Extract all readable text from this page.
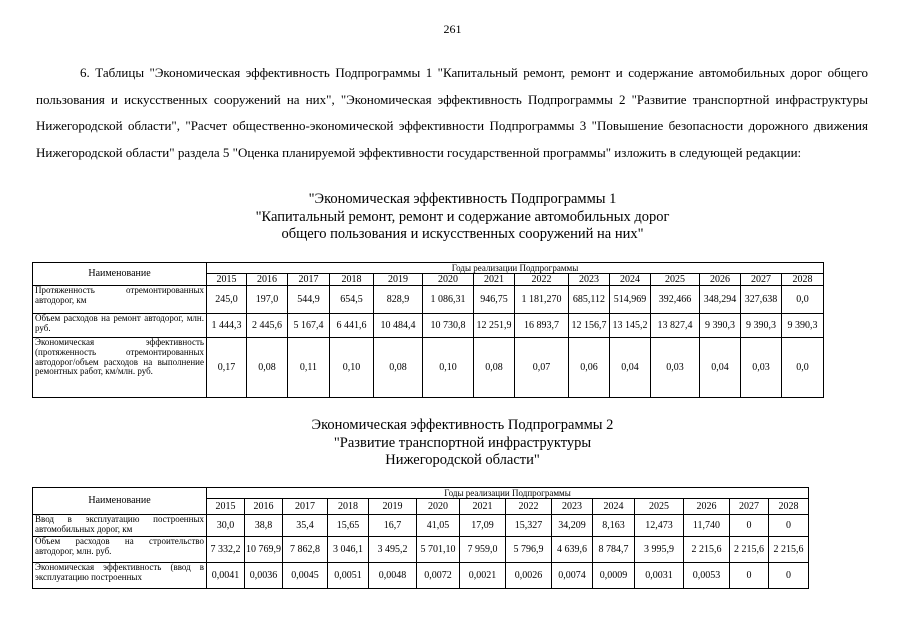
261

6. Таблицы "Экономическая эффективность Подпрограммы 1 "Капитальный ремонт, ремонт и содержание автомобильных дорог общего пользования и искусственных сооружений на них", "Экономическая эффективность Подпрограммы 2 "Развитие транспортной инфраструктуры Нижегородской области", "Расчет общественно-экономической эффективности Подпрограммы 3 "Повышение безопасности дорожного движения Нижегородской области" раздела 5 "Оценка планируемой эффективности государственной программы" изложить в следующей редакции:

"Экономическая эффективность Подпрограммы 1
"Капитальный ремонт, ремонт и содержание автомобильных дорог
общего пользования и искусственных сооружений на них"
Наименование	Годы реализации Подпрограммы													
	2015	2016	2017	2018	2019	2020	2021	2022	2023	2024	2025	2026	2027	2028

Протяженность отремонтированных автодорог, км	245,0	197,0	544,9	654,5	828,9	1 086,31	946,75	1 181,270	685,112	514,969	392,466	348,294	327,638	0,0

Объем расходов на ремонт автодорог, млн. руб.	1 444,3	2 445,6	5 167,4	6 441,6	10 484,4	10 730,8	12 251,9	16 893,7	12 156,7	13 145,2	13 827,4	9 390,3	9 390,3	9 390,3

Экономическая эффективность (протяженность отремонтированных автодорог/объем расходов на выполнение ремонтных работ, км/млн. руб.	0,17	0,08	0,11	0,10	0,08	0,10	0,08	0,07	0,06	0,04	0,03	0,04	0,03	0,0
Экономическая эффективность Подпрограммы 2
"Развитие транспортной инфраструктуры
Нижегородской области"
Наименование	Годы реализации Подпрограммы													
	2015	2016	2017	2018	2019	2020	2021	2022	2023	2024	2025	2026	2027	2028

Ввод в эксплуатацию построенных автомобильных дорог, км	30,0	38,8	35,4	15,65	16,7	41,05	17,09	15,327	34,209	8,163	12,473	11,740	0	0

Объем расходов на строительство автодорог, млн. руб.	7 332,2	10 769,9	7 862,8	3 046,1	3 495,2	5 701,10	7 959,0	5 796,9	4 639,6	8 784,7	3 995,9	2 215,6	2 215,6	2 215,6

Экономическая эффективность (ввод в эксплуатацию построенных	0,0041	0,0036	0,0045	0,0051	0,0048	0,0072	0,0021	0,0026	0,0074	0,0009	0,0031	0,0053	0	0
